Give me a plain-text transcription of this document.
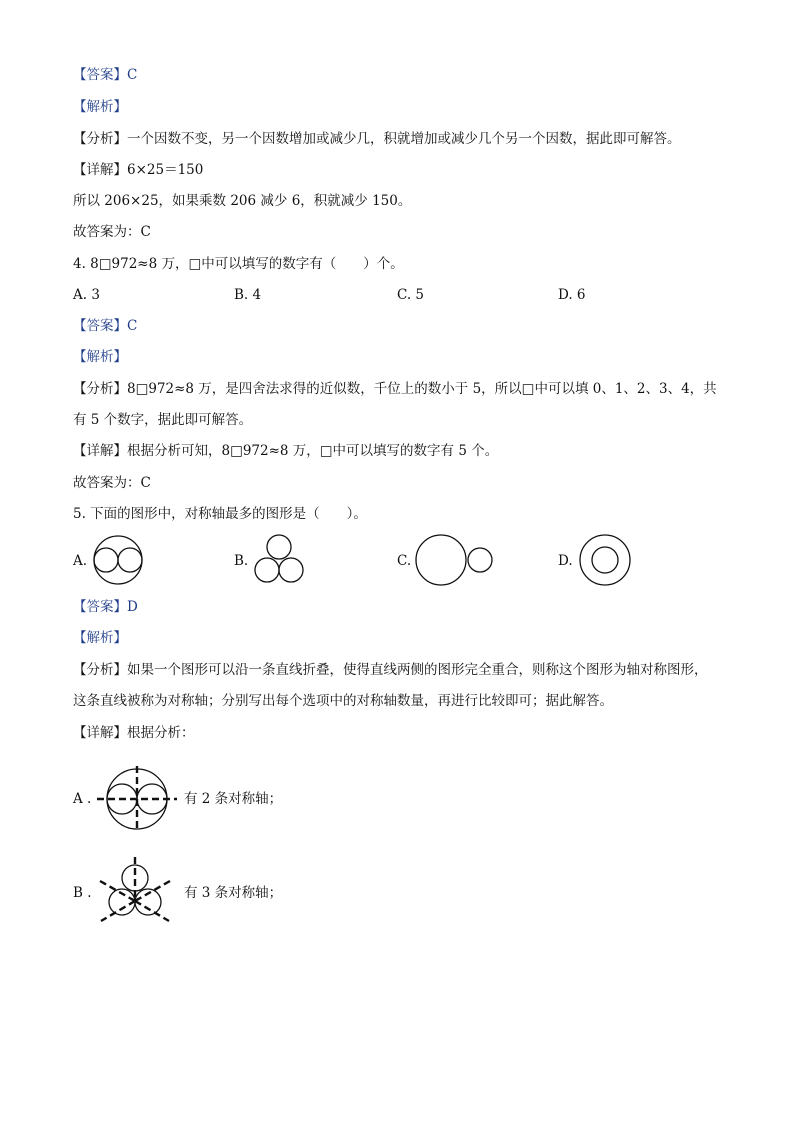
【答案】C
【解析】
【分析】一个因数不变，另一个因数增加或减少几，积就增加或减少几个另一个因数，据此即可解答。
【详解】6×25＝150
所以 206×25，如果乘数 206 减少 6，积就减少 150。
故答案为：C
4. 8□972≈8 万，□中可以填写的数字有（　　）个。
A. 3	B. 4	C. 5	D. 6
【答案】C
【解析】
【分析】8□972≈8 万，是四舍法求得的近似数，千位上的数小于 5，所以□中可以填 0、1、2、3、4，共
有 5 个数字，据此即可解答。
【详解】根据分析可知，8□972≈8 万，□中可以填写的数字有 5 个。
故答案为：C
5. 下面的图形中，对称轴最多的图形是（　　）。
A.	B.	C.	D.
【答案】D
【解析】
【分析】如果一个图形可以沿一条直线折叠，使得直线两侧的图形完全重合，则称这个图形为轴对称图形，
这条直线被称为对称轴；分别写出每个选项中的对称轴数量，再进行比较即可；据此解答。
【详解】根据分析：
A .	有 2 条对称轴；
B .	有 3 条对称轴；
